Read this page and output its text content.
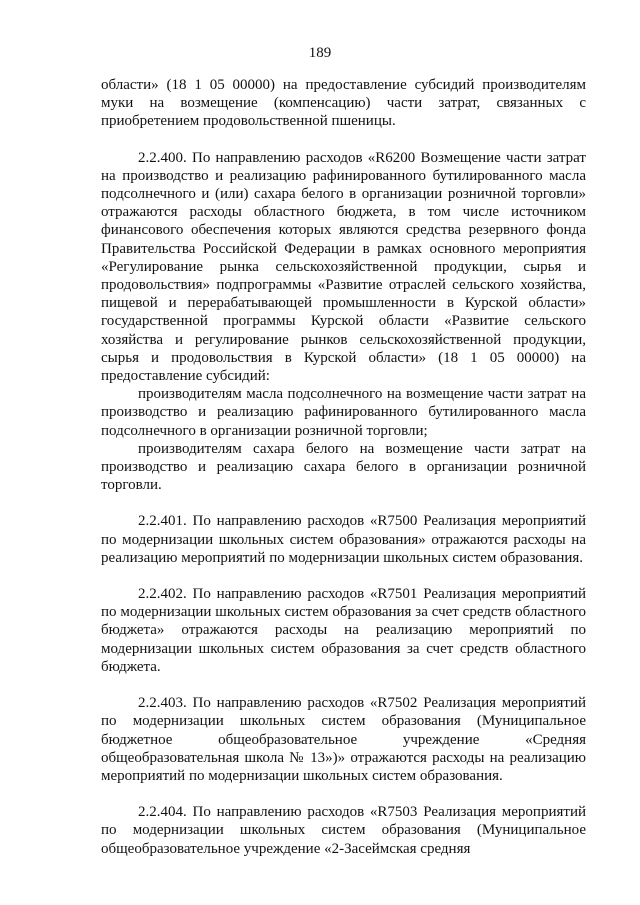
189

области» (18 1 05 00000) на предоставление субсидий производителям муки на возмещение (компенсацию) части затрат, связанных с приобретением продовольственной пшеницы.

2.2.400. По направлению расходов «R6200 Возмещение части затрат на производство и реализацию рафинированного бутилированного масла подсолнечного и (или) сахара белого в организации розничной торговли» отражаются расходы областного бюджета, в том числе источником финансового обеспечения которых являются средства резервного фонда Правительства Российской Федерации в рамках основного мероприятия «Регулирование рынка сельскохозяйственной продукции, сырья и продовольствия» подпрограммы «Развитие отраслей сельского хозяйства, пищевой и перерабатывающей промышленности в Курской области» государственной программы Курской области «Развитие сельского хозяйства и регулирование рынков сельскохозяйственной продукции, сырья и продовольствия в Курской области» (18 1 05 00000) на предоставление субсидий:

производителям масла подсолнечного на возмещение части затрат на производство и реализацию рафинированного бутилированного масла подсолнечного в организации розничной торговли;

производителям сахара белого на возмещение части затрат на производство и реализацию сахара белого в организации розничной торговли.

2.2.401. По направлению расходов «R7500 Реализация мероприятий по модернизации школьных систем образования» отражаются расходы на реализацию мероприятий по модернизации школьных систем образования.

2.2.402. По направлению расходов «R7501 Реализация мероприятий по модернизации школьных систем образования за счет средств областного бюджета» отражаются расходы на реализацию мероприятий по модернизации школьных систем образования за счет средств областного бюджета.

2.2.403. По направлению расходов «R7502 Реализация мероприятий по модернизации школьных систем образования (Муниципальное бюджетное общеобразовательное учреждение «Средняя общеобразовательная школа № 13»)» отражаются расходы на реализацию мероприятий по модернизации школьных систем образования.

2.2.404. По направлению расходов «R7503 Реализация мероприятий по модернизации школьных систем образования (Муниципальное общеобразовательное учреждение «2-Засеймская средняя
